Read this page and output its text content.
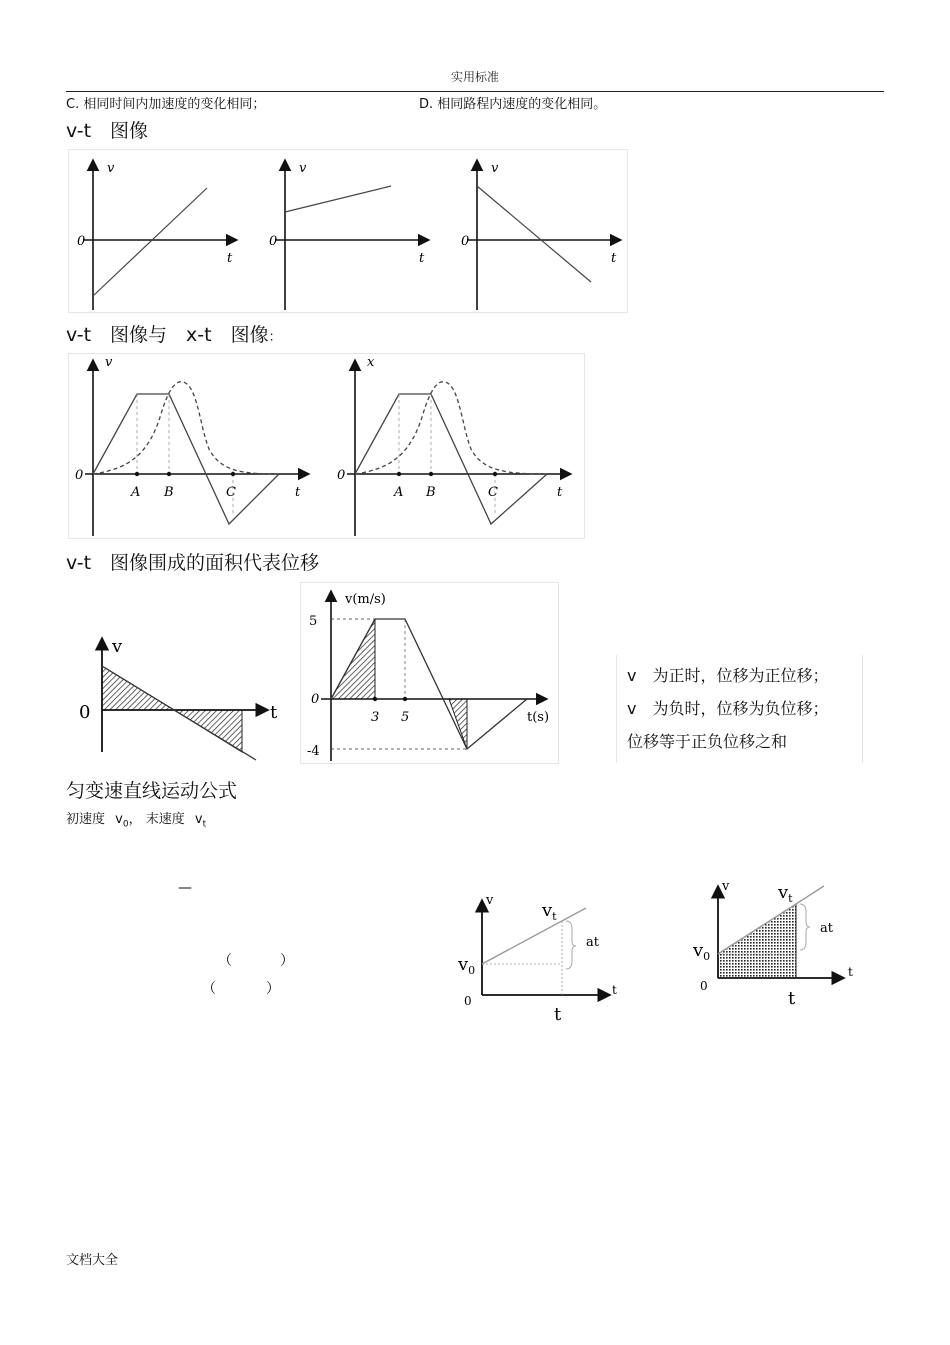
实用标准
C. 相同时间内加速度的变化相同；	D. 相同路程内速度的变化相同。
v-t　图像
v
0
t
v
0
t
v
0
t
v-t　图像与　x-t　图像：
v
0
A B	C	t
x
0
A B	C	t
v-t　图像围成的面积代表位移
v
0	t
v(m/s)
5
0
-4
3 5	t(s)
v　为正时，位移为正位移；
v　为负时，位移为负位移；
位移等于正负位移之和
匀变速直线运动公式
初速度 $v_0$， 末速度 $v_t$
—
（	）
（	）
v	$v_t$
at
$v_0$
0
t
t
v	$v_t$
at
$v_0$
0
t
t
文档大全
